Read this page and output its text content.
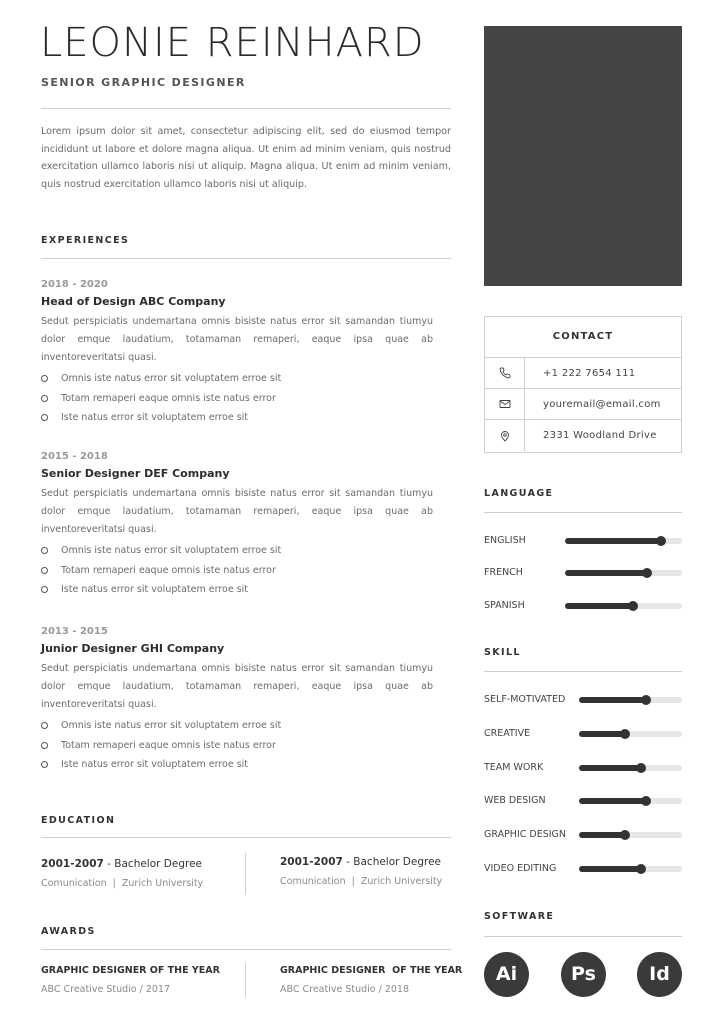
LEONIE REINHARD
SENIOR GRAPHIC DESIGNER

Lorem ipsum dolor sit amet, consectetur adipiscing elit, sed do eiusmod tempor incididunt ut labore et dolore magna aliqua. Ut enim ad minim veniam, quis nostrud exercitation ullamco laboris nisi ut aliquip. Magna aliqua. Ut enim ad minim veniam, quis nostrud exercitation ullamco laboris nisi ut aliquip.

EXPERIENCES
2018 - 2020
Head of Design ABC Company
Sedut perspiciatis undemartana omnis bisiste natus error sit samandan tiumyu dolor emque laudatium, totamaman remaperi, eaque ipsa quae ab inventoreveritatsi quasi.
Omnis iste natus error sit voluptatem erroe sit
Totam remaperi eaque omnis iste natus error
Iste natus error sit voluptatem erroe sit
2015 - 2018
Senior Designer DEF Company
Sedut perspiciatis undemartana omnis bisiste natus error sit samandan tiumyu dolor emque laudatium, totamaman remaperi, eaque ipsa quae ab inventoreveritatsi quasi.
Omnis iste natus error sit voluptatem erroe sit
Totam remaperi eaque omnis iste natus error
Iste natus error sit voluptatem erroe sit
2013 - 2015
Junior Designer GHI Company
Sedut perspiciatis undemartana omnis bisiste natus error sit samandan tiumyu dolor emque laudatium, totamaman remaperi, eaque ipsa quae ab inventoreveritatsi quasi.
Omnis iste natus error sit voluptatem erroe sit
Totam remaperi eaque omnis iste natus error
Iste natus error sit voluptatem erroe sit
EDUCATION
2001-2007 - Bachelor Degree
Comunication  |  Zurich University
2001-2007 - Bachelor Degree
Comunication  |  Zurich University
AWARDS
GRAPHIC DESIGNER OF THE YEAR
ABC Creative Studio / 2017
GRAPHIC DESIGNER  OF THE YEAR
ABC Creative Studio / 2018
CONTACT
+1 222 7654 111
youremail@email.com
2331 Woodland Drive
LANGUAGE
ENGLISH
FRENCH
SPANISH
SKILL
SELF-MOTIVATED
CREATIVE
TEAM WORK
WEB DESIGN
GRAPHIC DESIGN
VIDEO EDITING
SOFTWARE
Ai	Ps	Id
